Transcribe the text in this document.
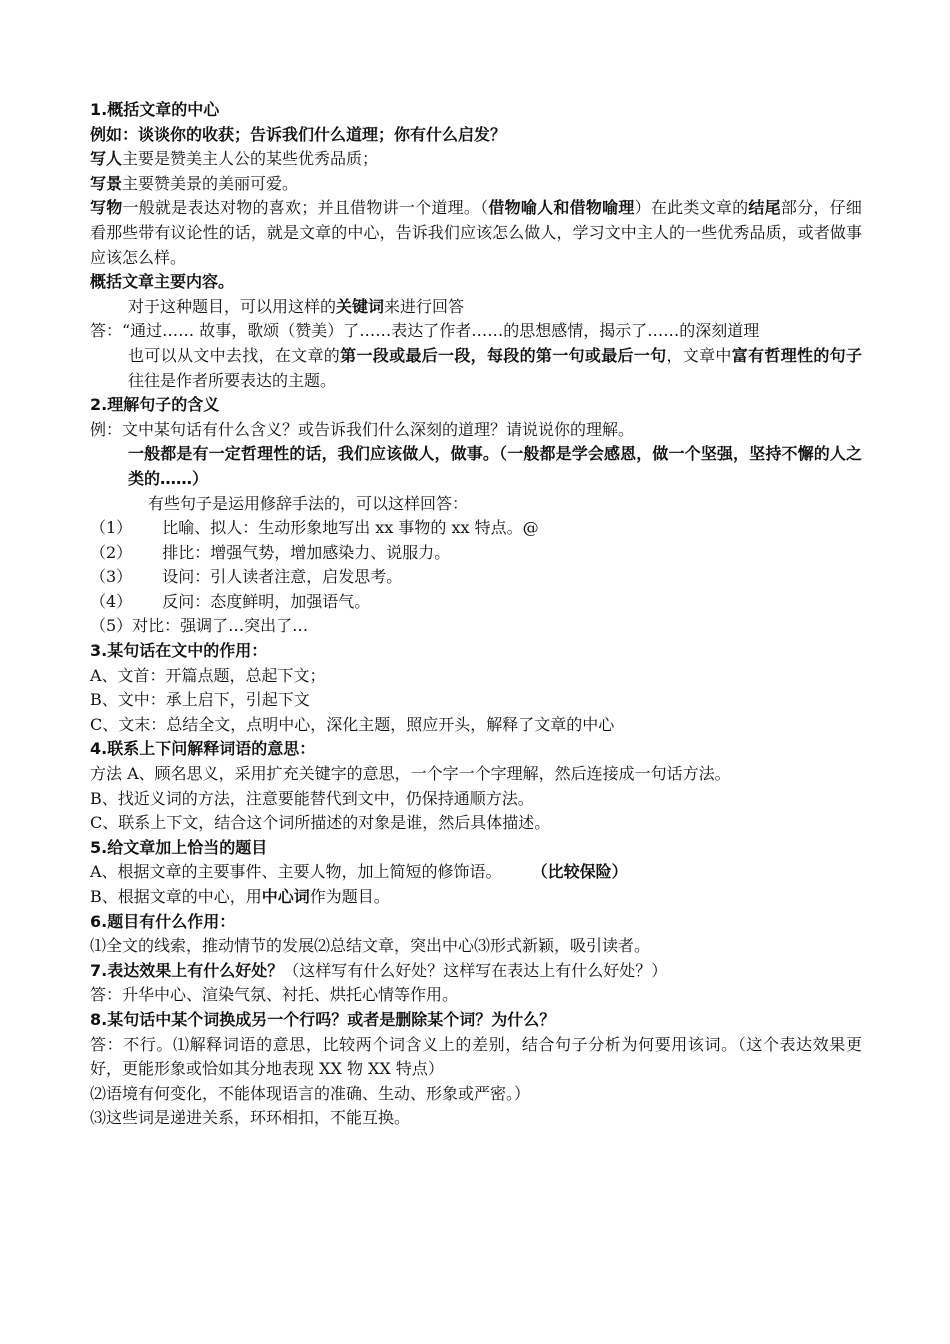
1.概括文章的中心
例如：谈谈你的收获；告诉我们什么道理；你有什么启发？
写人主要是赞美主人公的某些优秀品质；
写景主要赞美景的美丽可爱。
写物一般就是表达对物的喜欢；并且借物讲一个道理。（借物喻人和借物喻理）在此类文章的结尾部分，仔细看那些带有议论性的话，就是文章的中心，告诉我们应该怎么做人，学习文中主人的一些优秀品质，或者做事应该怎么样。
概括文章主要内容。
对于这种题目，可以用这样的关键词来进行回答
答：“通过…… 故事，歌颂（赞美）了……表达了作者……的思想感情，揭示了……的深刻道理
也可以从文中去找，在文章的第一段或最后一段，每段的第一句或最后一句，文章中富有哲理性的句子往往是作者所要表达的主题。
2.理解句子的含义
例：文中某句话有什么含义？或告诉我们什么深刻的道理？请说说你的理解。
一般都是有一定哲理性的话，我们应该做人，做事。（一般都是学会感恩，做一个坚强，坚持不懈的人之类的……）
有些句子是运用修辞手法的，可以这样回答：
（1） 比喻、拟人：生动形象地写出 xx 事物的 xx 特点。@
（2） 排比：增强气势，增加感染力、说服力。
（3） 设问：引人读者注意，启发思考。
（4） 反问：态度鲜明，加强语气。
（5）对比：强调了…突出了…
3.某句话在文中的作用：
A、文首：开篇点题，总起下文；
B、文中：承上启下，引起下文
C、文末：总结全文，点明中心，深化主题，照应开头，解释了文章的中心
4.联系上下问解释词语的意思：
方法 A、顾名思义，采用扩充关键字的意思，一个字一个字理解，然后连接成一句话方法。
B、找近义词的方法，注意要能替代到文中，仍保持通顺方法。
C、联系上下文，结合这个词所描述的对象是谁，然后具体描述。
5.给文章加上恰当的题目
A、根据文章的主要事件、主要人物，加上简短的修饰语。 （比较保险）
B、根据文章的中心，用中心词作为题目。
6.题目有什么作用：
⑴全文的线索，推动情节的发展⑵总结文章，突出中心⑶形式新颖，吸引读者。
7.表达效果上有什么好处？（这样写有什么好处？这样写在表达上有什么好处？）
答：升华中心、渲染气氛、衬托、烘托心情等作用。
8.某句话中某个词换成另一个行吗？或者是删除某个词？为什么？
答：不行。⑴解释词语的意思，比较两个词含义上的差别，结合句子分析为何要用该词。（这个表达效果更好，更能形象或恰如其分地表现 XX 物 XX 特点）
⑵语境有何变化，不能体现语言的准确、生动、形象或严密。）
⑶这些词是递进关系，环环相扣，不能互换。
